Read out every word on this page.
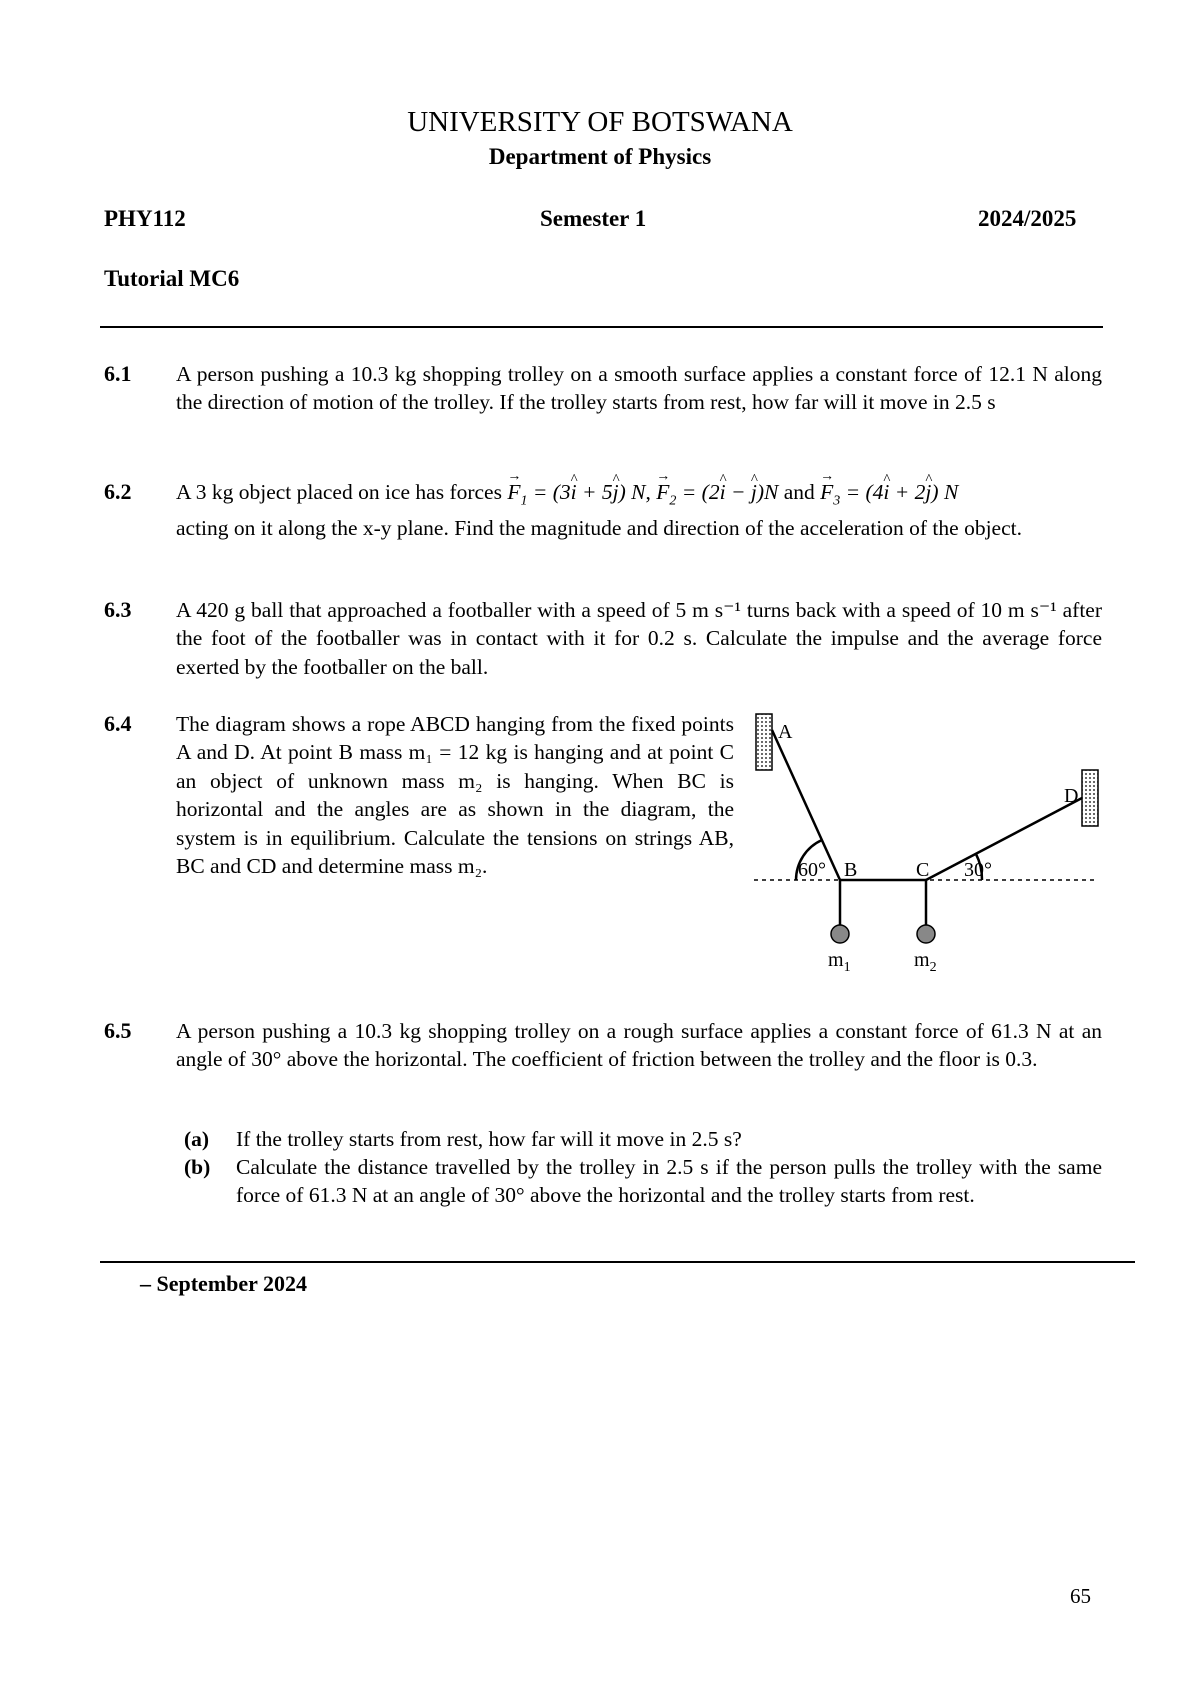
UNIVERSITY OF BOTSWANA
Department of Physics
PHY112	Semester 1	2024/2025
Tutorial MC6
6.1 A person pushing a 10.3 kg shopping trolley on a smooth surface applies a constant force of 12.1 N along the direction of motion of the trolley. If the trolley starts from rest, how far will it move in 2.5 s
6.2 A 3 kg object placed on ice has forces → $F_1$ = (3^ i + 5^ j) N, → $F_2$ = (2^ i − ^ j)N and → $F_3$ = (4^ i + 2^ j) N
acting on it along the x-y plane. Find the magnitude and direction of the acceleration of the object.
6.3 A 420 g ball that approached a footballer with a speed of 5 m s⁻¹ turns back with a speed of 10 m s⁻¹ after the foot of the footballer was in contact with it for 0.2 s. Calculate the impulse and the average force exerted by the footballer on the ball.
6.4 The diagram shows a rope ABCD hanging from the fixed points A and D. At point B mass m₁ = 12 kg is hanging and at point C an object of unknown mass m₂ is hanging. When BC is horizontal and the angles are as shown in the diagram, the system is in equilibrium. Calculate the tensions on strings AB, BC and CD and determine mass m₂.
A
B	C
D
60°	30°
$m_1$	$m_2$
6.5 A person pushing a 10.3 kg shopping trolley on a rough surface applies a constant force of 61.3 N at an angle of 30° above the horizontal. The coefficient of friction between the trolley and the floor is 0.3.
(a) If the trolley starts from rest, how far will it move in 2.5 s?
(b) Calculate the distance travelled by the trolley in 2.5 s if the person pulls the trolley with the same force of 61.3 N at an angle of 30° above the horizontal and the trolley starts from rest.
– September 2024
65
